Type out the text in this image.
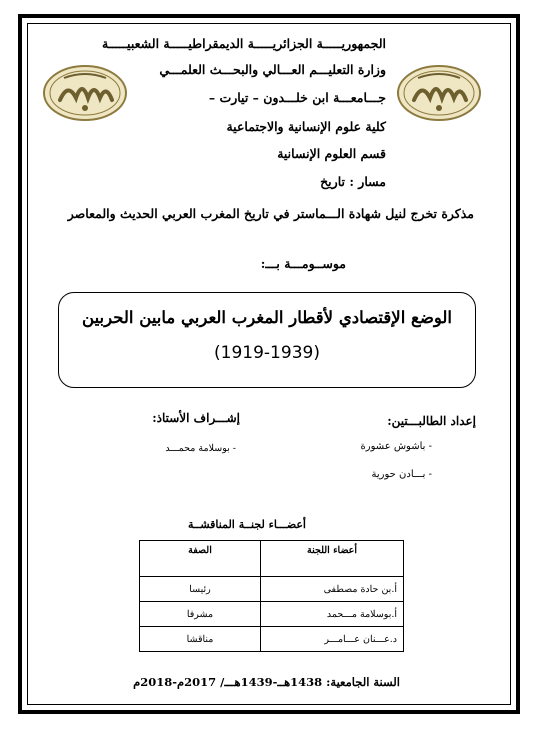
الجمهوريـــــة الجزائريـــــة الديمقراطيـــــة الشعبيـــــة
وزارة التعليـــم العـــالي والبحـــث العلمـــي
جـــامعـــة ابن خلـــدون – تيارت –
كلية علوم الإنسانية والاجتماعية
قسم العلوم الإنسانية
مسار : تاريخ
مذكرة تخرج لنيل شهادة الـــماستر في تاريخ المغرب العربي الحديث والمعاصر
موســومـــة بـــ:
الوضع الإقتصادي لأقطار المغرب العربي مابين الحربين
(1919-1939)
إعداد الطالبـــتين:
إشـــراف الأستاذ:
- باشوش عشورة
- بـــادن حورية
- بوسلامة محمـــد
أعضـــاء لجنــة المناقشــة
أعضاء اللجنة	الصفة
أ.بن حادة مصطفى	رئيسا
أ.بوسلامة مـــحمد	مشرفا
د.عـــنان عـــامـــر	مناقشا
السنة الجامعية: 1438هــ-1439هـــ/ 2017م-2018م
